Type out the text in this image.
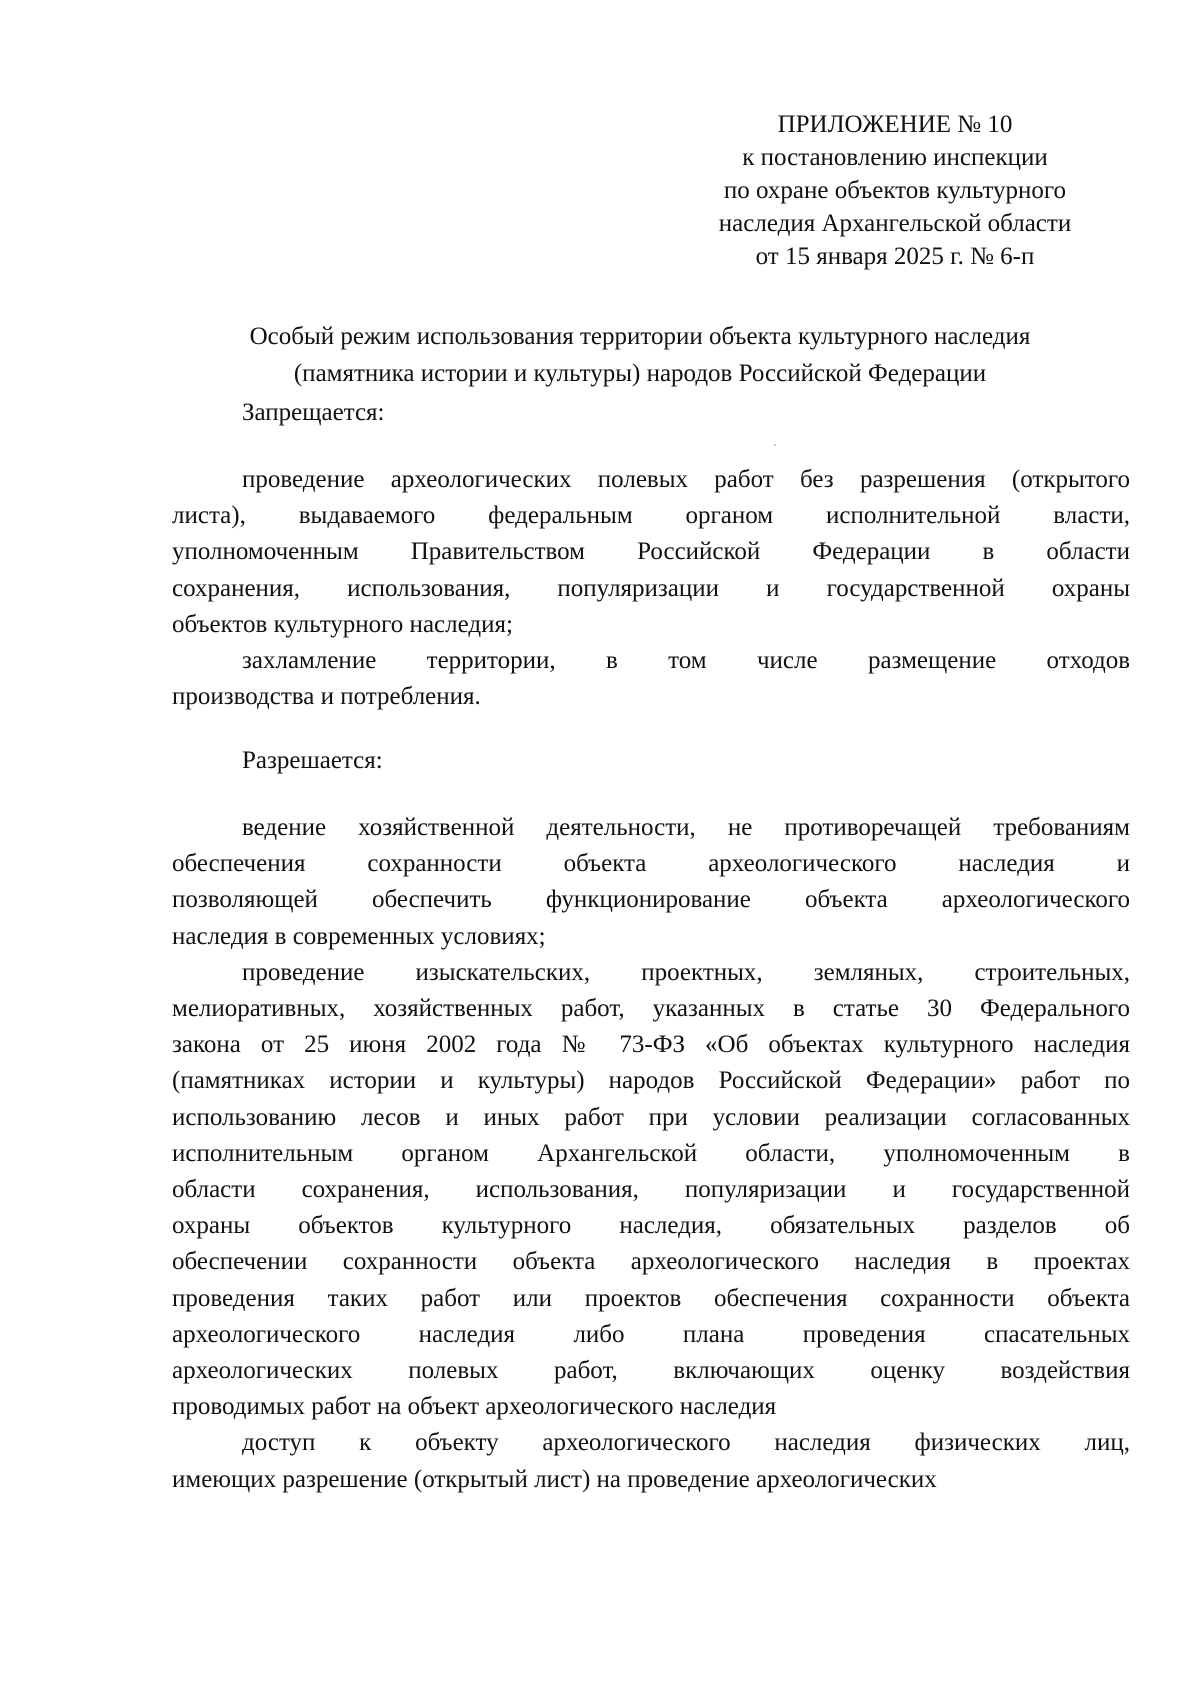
ПРИЛОЖЕНИЕ № 10
к постановлению инспекции
по охране объектов культурного
наследия Архангельской области
от 15 января 2025 г. № 6-п
Особый режим использования территории объекта культурного наследия
(памятника истории и культуры) народов Российской Федерации
Запрещается:

проведение археологических полевых работ без разрешения (открытого
листа), выдаваемого федеральным органом исполнительной власти,
уполномоченным Правительством Российской Федерации в области
сохранения, использования, популяризации и государственной охраны
объектов культурного наследия;

захламление территории, в том числе размещение отходов
производства и потребления.

Разрешается:

ведение хозяйственной деятельности, не противоречащей требованиям
обеспечения сохранности объекта археологического наследия и
позволяющей обеспечить функционирование объекта археологического
наследия в современных условиях;

проведение изыскательских, проектных, земляных, строительных,
мелиоративных, хозяйственных работ, указанных в статье 30 Федерального
закона от 25 июня 2002 года № 73-ФЗ «Об объектах культурного наследия
(памятниках истории и культуры) народов Российской Федерации» работ по
использованию лесов и иных работ при условии реализации согласованных
исполнительным органом Архангельской области, уполномоченным в
области сохранения, использования, популяризации и государственной
охраны объектов культурного наследия, обязательных разделов об
обеспечении сохранности объекта археологического наследия в проектах
проведения таких работ или проектов обеспечения сохранности объекта
археологического наследия либо плана проведения спасательных
археологических полевых работ, включающих оценку воздействия
проводимых работ на объект археологического наследия

доступ к объекту археологического наследия физических лиц,
имеющих разрешение (открытый лист) на проведение археологических
